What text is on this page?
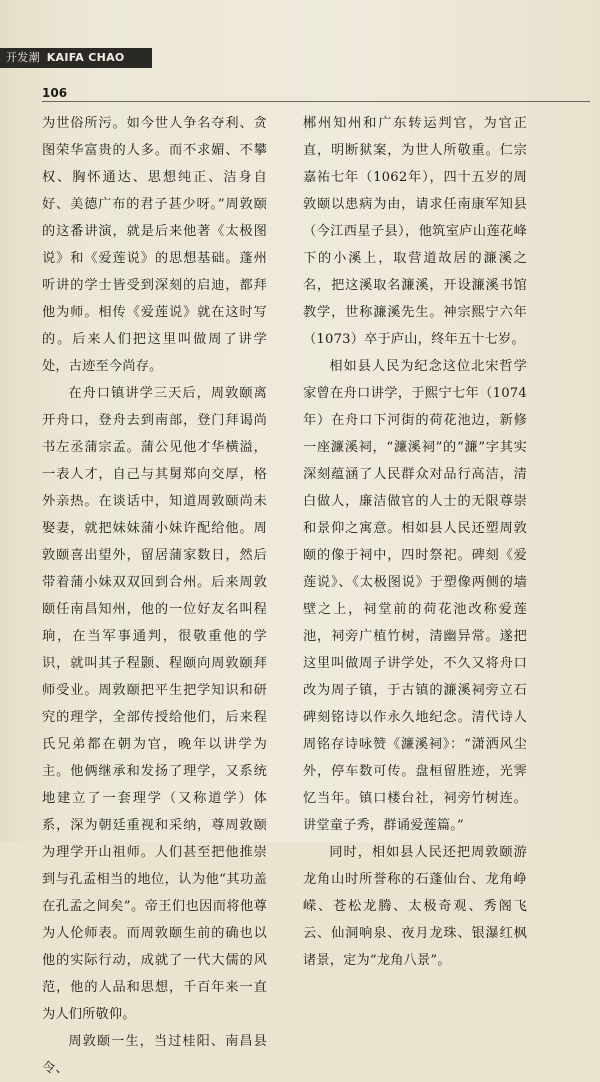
开发潮 KAIFA CHAO
106

为世俗所污。如今世人争名夺利、贪图荣华富贵的人多。而不求媚、不攀权、胸怀通达、思想纯正、洁身自好、美德广布的君子甚少呀。”周敦颐的这番讲演，就是后来他著《太极图说》和《爱莲说》的思想基础。蓬州听讲的学士皆受到深刻的启迪，都拜他为师。相传《爱莲说》就在这时写的。后来人们把这里叫做周了讲学处，古迹至今尚存。

在舟口镇讲学三天后，周敦颐离开舟口，登舟去到南部，登门拜谒尚书左丞蒲宗孟。蒲公见他才华横溢，一表人才，自己与其舅郑向交厚，格外亲热。在谈话中，知道周敦颐尚未娶妻，就把妹妹蒲小妹许配给他。周敦颐喜出望外，留居蒲家数日，然后带着蒲小妹双双回到合州。后来周敦颐任南昌知州，他的一位好友名叫程珦，在当军事通判，很敬重他的学识，就叫其子程颢、程颐向周敦颐拜师受业。周敦颐把平生把学知识和研究的理学，全部传授给他们，后来程氏兄弟都在朝为官，晚年以讲学为主。他俩继承和发扬了理学，又系统地建立了一套理学（又称道学）体系，深为朝廷重视和采纳，尊周敦颐为理学开山祖师。人们甚至把他推崇到与孔孟相当的地位，认为他“其功盖在孔孟之间矣”。帝王们也因而将他尊为人伦师表。而周敦颐生前的确也以他的实际行动，成就了一代大儒的风范，他的人品和思想，千百年来一直为人们所敬仰。

周敦颐一生，当过桂阳、南昌县令、

郴州知州和广东转运判官，为官正直，明断狱案，为世人所敬重。仁宗嘉祐七年（1062年），四十五岁的周敦颐以患病为由，请求任南康军知县（今江西星子县），他筑室庐山莲花峰下的小溪上，取营道故居的濂溪之名，把这溪取名濂溪，开设濂溪书馆教学，世称濂溪先生。神宗熙宁六年（1073）卒于庐山，终年五十七岁。

相如县人民为纪念这位北宋哲学家曾在舟口讲学，于熙宁七年（1074年）在舟口下河街的荷花池边，新修一座濂溪祠，“濂溪祠”的“濂”字其实深刻蕴涵了人民群众对品行高洁，清白做人，廉洁做官的人士的无限尊崇和景仰之寓意。相如县人民还塑周敦颐的像于祠中，四时祭祀。碑刻《爱莲说》、《太极图说》于塑像两侧的墙壁之上，祠堂前的荷花池改称爱莲池，祠旁广植竹树，清幽异常。遂把这里叫做周子讲学处，不久又将舟口改为周子镇，于古镇的濂溪祠旁立石碑刻铭诗以作永久地纪念。清代诗人周铭存诗咏赞《濂溪祠》：“潇洒风尘外，停车数可传。盘桓留胜迹，光霁忆当年。镇口楼台社，祠旁竹树连。讲堂童子秀，群诵爱莲篇。”

同时，相如县人民还把周敦颐游龙角山时所誉称的石蓬仙台、龙角峥嵘、苍松龙腾、太极奇观、秀阁飞云、仙洞响泉、夜月龙珠、银瀑红枫诸景，定为“龙角八景”。
